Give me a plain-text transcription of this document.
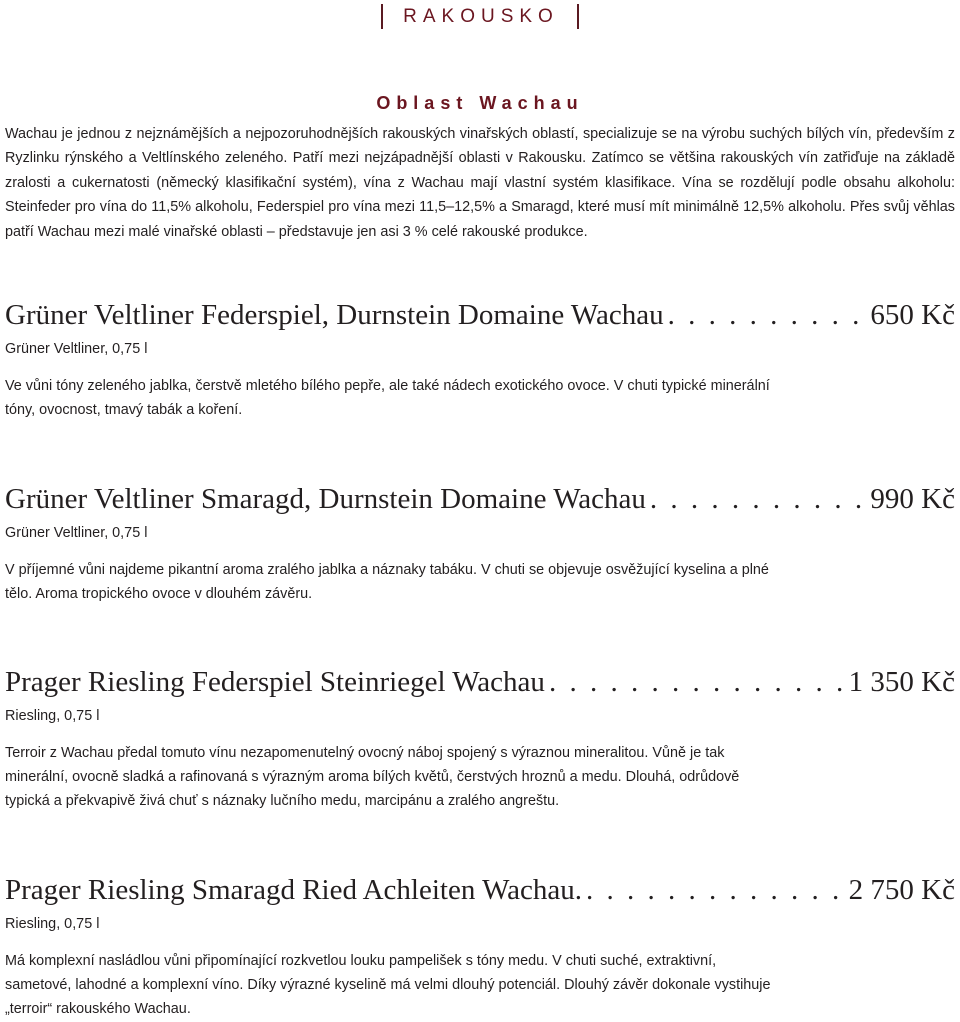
RAKOUSKO
Oblast Wachau

Wachau je jednou z nejznámějších a nejpozoruhodnějších rakouských vinařských oblastí, specializuje se na výrobu suchých bílých vín, především z Ryzlinku rýnského a Veltlínského zeleného. Patří mezi nejzápadnější oblasti v Rakousku. Zatímco se většina rakouských vín zatřiďuje na základě zralosti a cukernatosti (německý klasifikační systém), vína z Wachau mají vlastní systém klasifikace. Vína se rozdělují podle obsahu alkoholu: Steinfeder pro vína do 11,5% alkoholu, Federspiel pro vína mezi 11,5–12,5% a Smaragd, které musí mít minimálně 12,5% alkoholu. Přes svůj věhlas patří Wachau mezi malé vinařské oblasti – představuje jen asi 3 % celé rakouské produkce.

Grüner Veltliner Federspiel, Durnstein Domaine Wachau . . .	650 Kč
Grüner Veltliner, 0,75 l

Ve vůni tóny zeleného jablka, čerstvě mletého bílého pepře, ale také nádech exotického ovoce. V chuti typické minerální tóny, ovocnost, tmavý tabák a koření.

Grüner Veltliner Smaragd, Durnstein Domaine Wachau . . .	990 Kč
Grüner Veltliner, 0,75 l

V příjemné vůni najdeme pikantní aroma zralého jablka a náznaky tabáku. V chuti se objevuje osvěžující kyselina a plné tělo. Aroma tropického ovoce v dlouhém závěru.

Prager Riesling Federspiel Steinriegel Wachau . . .	1 350 Kč
Riesling, 0,75 l

Terroir z Wachau předal tomuto vínu nezapomenutelný ovocný náboj spojený s výraznou mineralitou. Vůně je tak minerální, ovocně sladká a rafinovaná s výrazným aroma bílých květů, čerstvých hroznů a medu. Dlouhá, odrůdově typická a překvapivě živá chuť s náznaky lučního medu, marcipánu a zralého angreštu.

Prager Riesling Smaragd Ried Achleiten Wachau. . . .	2 750 Kč
Riesling, 0,75 l

Má komplexní nasládlou vůni připomínající rozkvetlou louku pampelišek s tóny medu. V chuti suché, extraktivní, sametové, lahodné a komplexní víno. Díky výrazné kyselině má velmi dlouhý potenciál. Dlouhý závěr dokonale vystihuje „terroir“ rakouského Wachau.
